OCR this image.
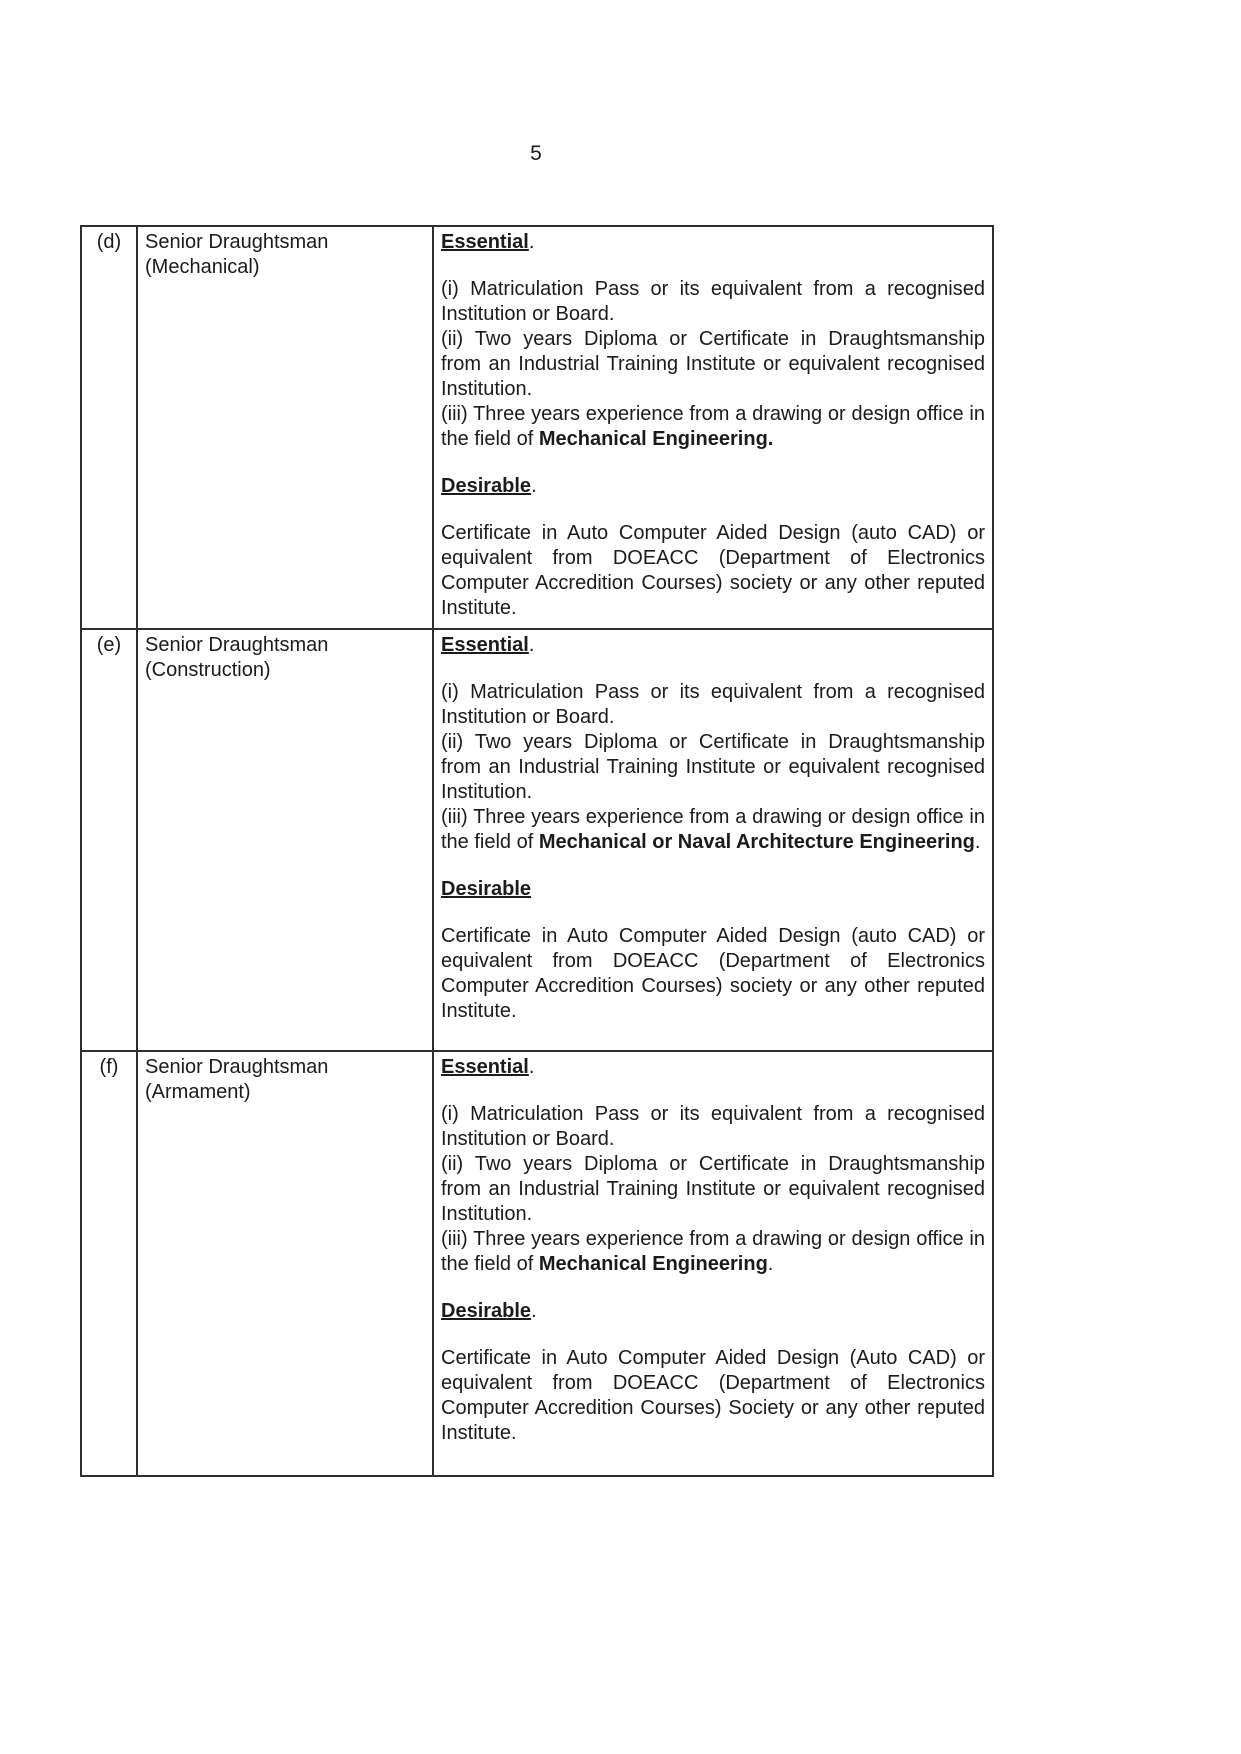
5
(d)	Senior Draughtsman
(Mechanical)

Essential.
(i) Matriculation Pass or its equivalent from a recognised Institution or Board.
(ii) Two years Diploma or Certificate in Draughtsmanship from an Industrial Training Institute or equivalent recognised Institution.
(iii) Three years experience from a drawing or design office in the field of Mechanical Engineering.
Desirable.
Certificate in Auto Computer Aided Design (auto CAD) or equivalent from DOEACC (Department of Electronics Computer Accredition Courses) society or any other reputed Institute.

(e)	Senior Draughtsman
(Construction)

Essential.
(i) Matriculation Pass or its equivalent from a recognised Institution or Board.
(ii) Two years Diploma or Certificate in Draughtsmanship from an Industrial Training Institute or equivalent recognised Institution.
(iii) Three years experience from a drawing or design office in the field of Mechanical or Naval Architecture Engineering.
Desirable
Certificate in Auto Computer Aided Design (auto CAD) or equivalent from DOEACC (Department of Electronics Computer Accredition Courses) society or any other reputed Institute.

(f)	Senior Draughtsman
(Armament)

Essential.
(i) Matriculation Pass or its equivalent from a recognised Institution or Board.
(ii) Two years Diploma or Certificate in Draughtsmanship from an Industrial Training Institute or equivalent recognised Institution.
(iii) Three years experience from a drawing or design office in the field of Mechanical Engineering.
Desirable.
Certificate in Auto Computer Aided Design (Auto CAD) or equivalent from DOEACC (Department of Electronics Computer Accredition Courses) Society or any other reputed Institute.
